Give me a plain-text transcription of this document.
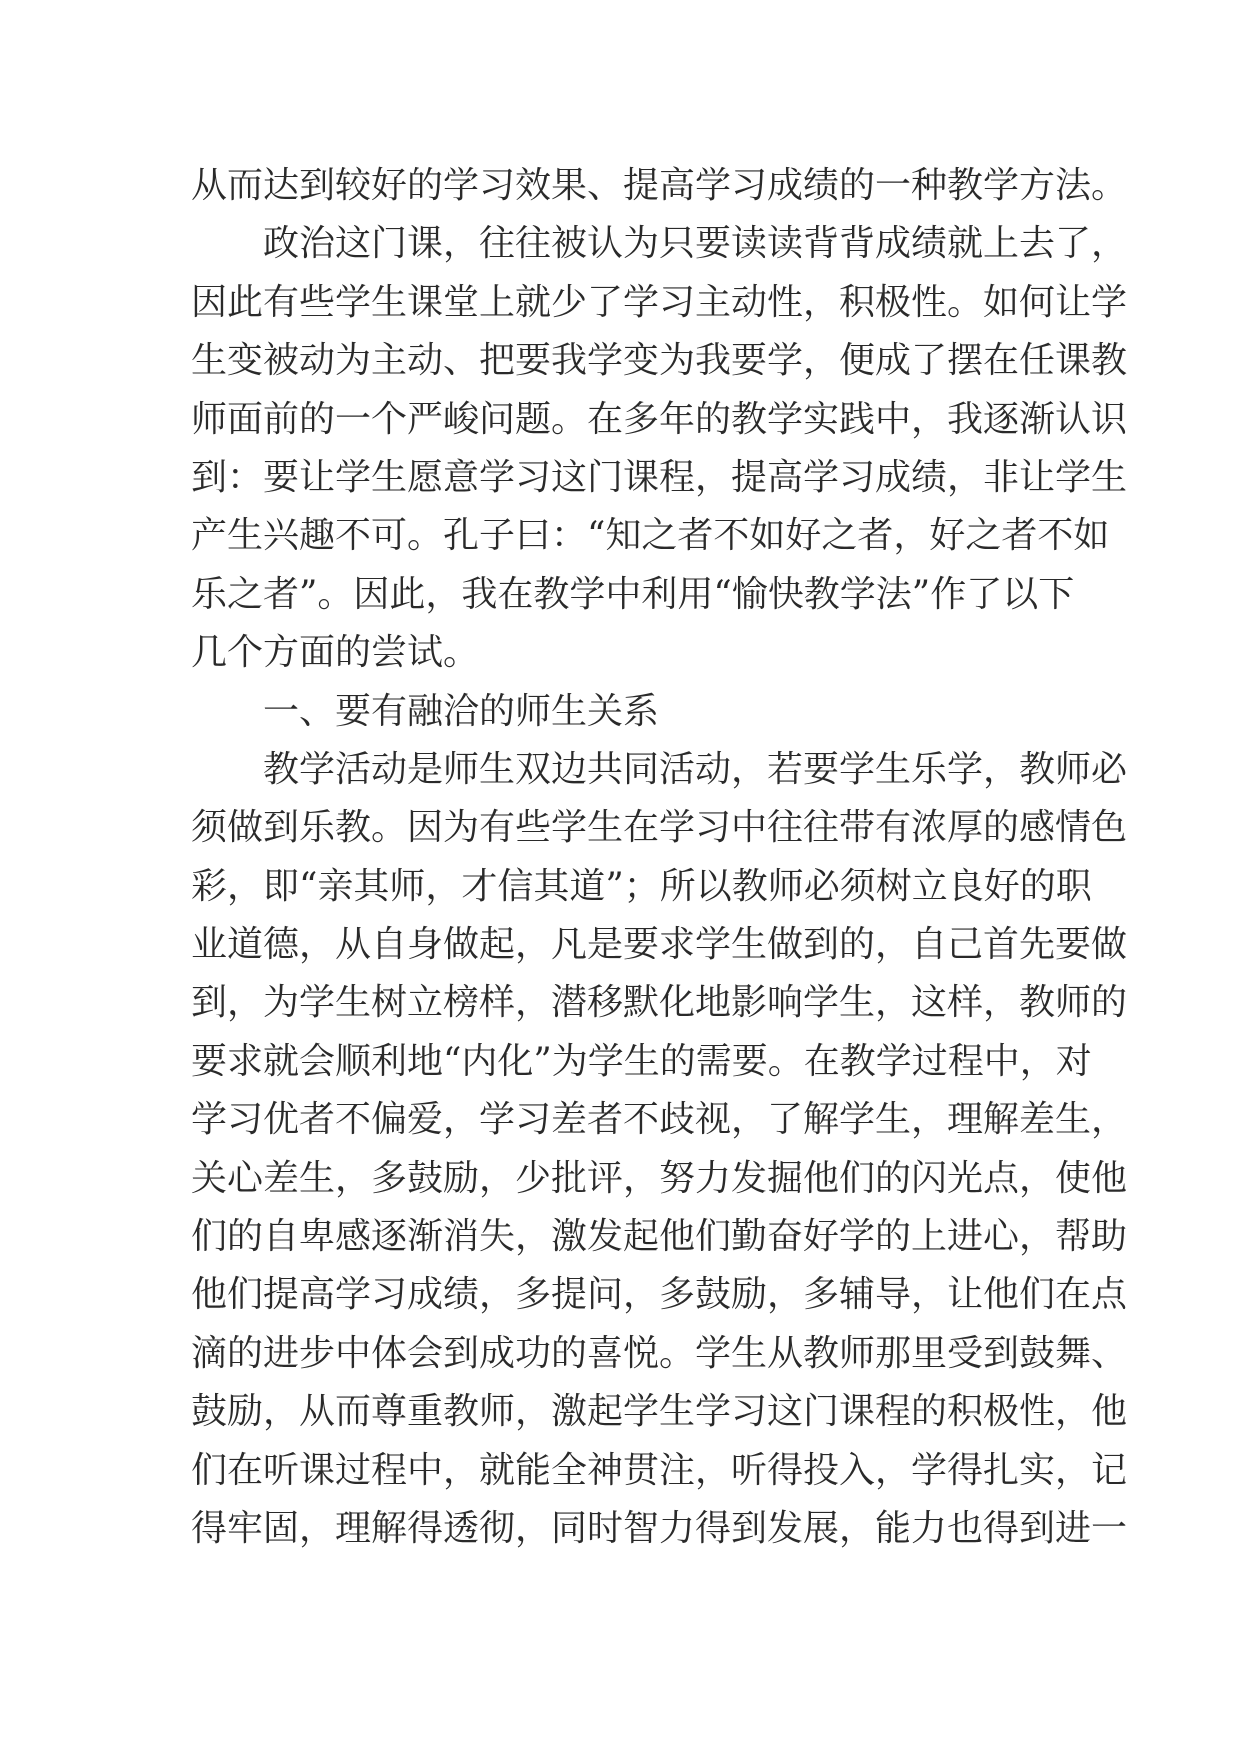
从而达到较好的学习效果、提高学习成绩的一种教学方法。
政治这门课，往往被认为只要读读背背成绩就上去了，
因此有些学生课堂上就少了学习主动性，积极性。如何让学
生变被动为主动、把要我学变为我要学，便成了摆在任课教
师面前的一个严峻问题。在多年的教学实践中，我逐渐认识
到：要让学生愿意学习这门课程，提高学习成绩，非让学生
产生兴趣不可。孔子曰：“知之者不如好之者，好之者不如
乐之者”。因此，我在教学中利用“愉快教学法”作了以下
几个方面的尝试。
一、要有融洽的师生关系
教学活动是师生双边共同活动，若要学生乐学，教师必
须做到乐教。因为有些学生在学习中往往带有浓厚的感情色
彩，即“亲其师，才信其道”；所以教师必须树立良好的职
业道德，从自身做起，凡是要求学生做到的，自己首先要做
到，为学生树立榜样，潜移默化地影响学生，这样，教师的
要求就会顺利地“内化”为学生的需要。在教学过程中，对
学习优者不偏爱，学习差者不歧视，了解学生，理解差生，
关心差生，多鼓励，少批评，努力发掘他们的闪光点，使他
们的自卑感逐渐消失，激发起他们勤奋好学的上进心，帮助
他们提高学习成绩，多提问，多鼓励，多辅导，让他们在点
滴的进步中体会到成功的喜悦。学生从教师那里受到鼓舞、
鼓励，从而尊重教师，激起学生学习这门课程的积极性，他
们在听课过程中，就能全神贯注，听得投入，学得扎实，记
得牢固，理解得透彻，同时智力得到发展，能力也得到进一
